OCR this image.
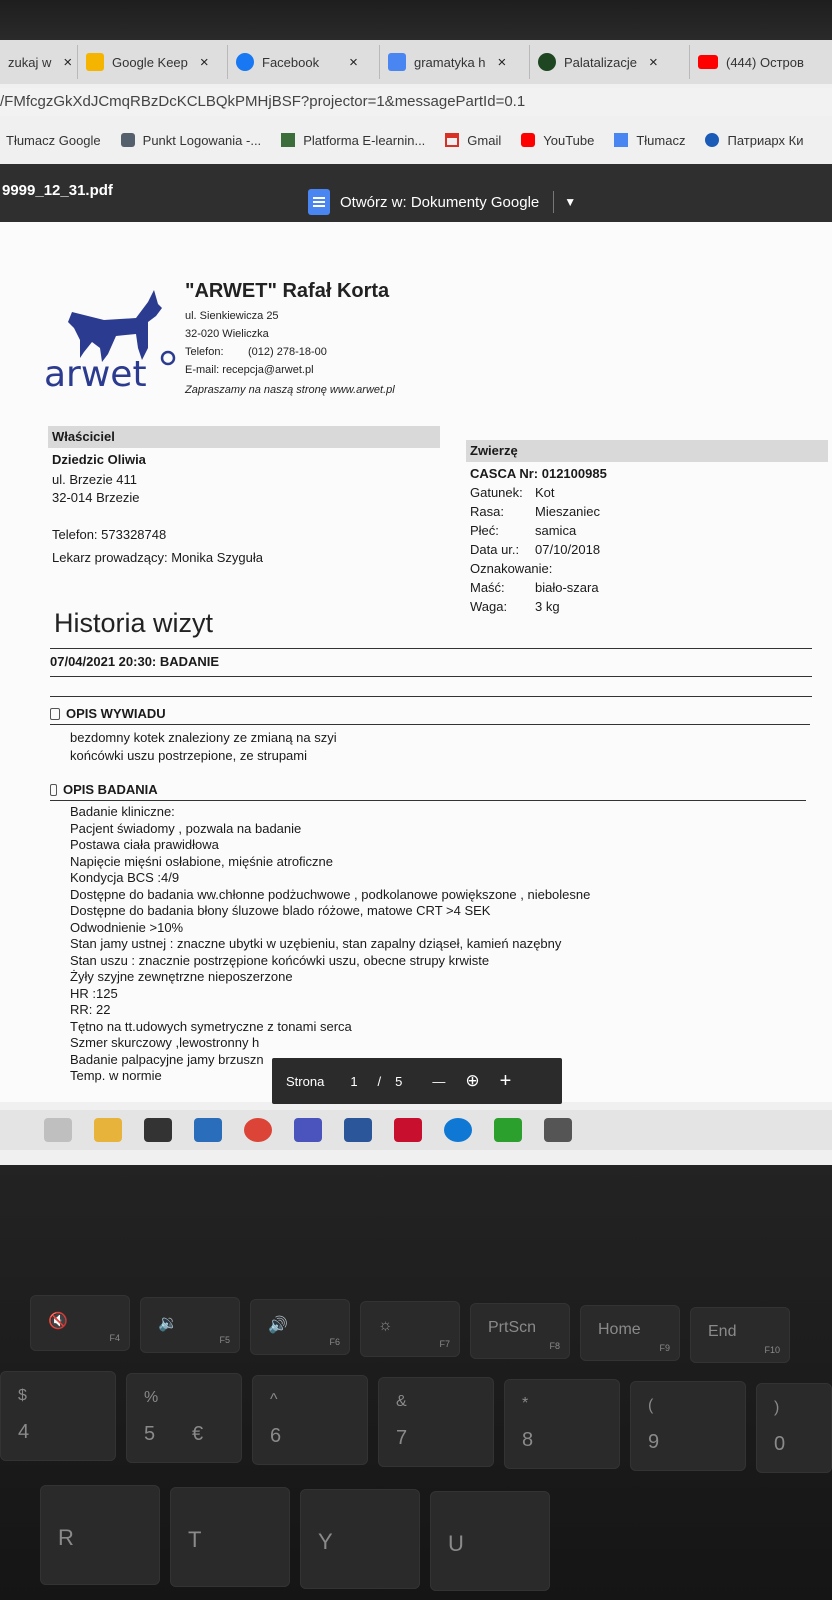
zukaj w ×	Google Keep ×	Facebook ×	gramatyka h ×	Palatalizacje ×	(444) Остров
/FMfcgzGkXdJCmqRBzDcKCLBQkPMHjBSF?projector=1&messagePartId=0.1
Tłumacz Google	Punkt Logowania -...	Platforma E-learnin...	Gmail	YouTube	Tłumacz	Патриарх Ки
9999_12_31.pdf
Otwórz w: Dokumenty Google ▼
arwet
"ARWET" Rafał Korta
ul. Sienkiewicza 25
32-020 Wieliczka
Telefon:        (012) 278-18-00
E-mail: recepcja@arwet.pl
Zapraszamy na naszą stronę www.arwet.pl
Właściciel
Dziedzic Oliwia
ul. Brzezie 411
32-014 Brzezie
Telefon: 573328748
Lekarz prowadzący: Monika Szyguła
Zwierzę
CASCA Nr: 012100985
Gatunek: Kot
Rasa: Mieszaniec
Płeć:	samica
Data ur.: 07/10/2018
Oznakowanie:
Maść: biało-szara
Waga: 3 kg
Historia wizyt
07/04/2021 20:30: BADANIE
OPIS WYWIADU
bezdomny kotek znaleziony ze zmianą na szyi
końcówki uszu postrzepione, ze strupami
OPIS BADANIA
Badanie kliniczne:
Pacjent świadomy , pozwala na badanie
Postawa ciała prawidłowa
Napięcie mięśni osłabione, mięśnie atroficzne
Kondycja BCS :4/9
Dostępne do badania ww.chłonne podżuchwowe , podkolanowe powiększone , niebolesne
Dostępne do badania błony śluzowe blado różowe, matowe CRT >4 SEK
Odwodnienie >10%
Stan jamy ustnej : znaczne ubytki w uzębieniu, stan zapalny dziąseł, kamień nazębny
Stan uszu : znacznie postrzępione końcówki uszu, obecne strupy krwiste
Żyły szyjne zewnętrzne nieposzerzone
HR :125
RR: 22
Tętno na tt.udowych symetryczne z tonami serca
Szmer skurczowy ,lewostronny h
Badanie palpacyjne jamy brzuszn
Temp. w normie	Strona 1 / 5 — ⊕ +
🔇
F4
🔉
F5
🔊
F6
☼
F7
PrtScn
F8
Home
F9
End
F10
$
4
%
5 €
^
6
&
7
*
8
(
9
)
0
R	T	Y	U
